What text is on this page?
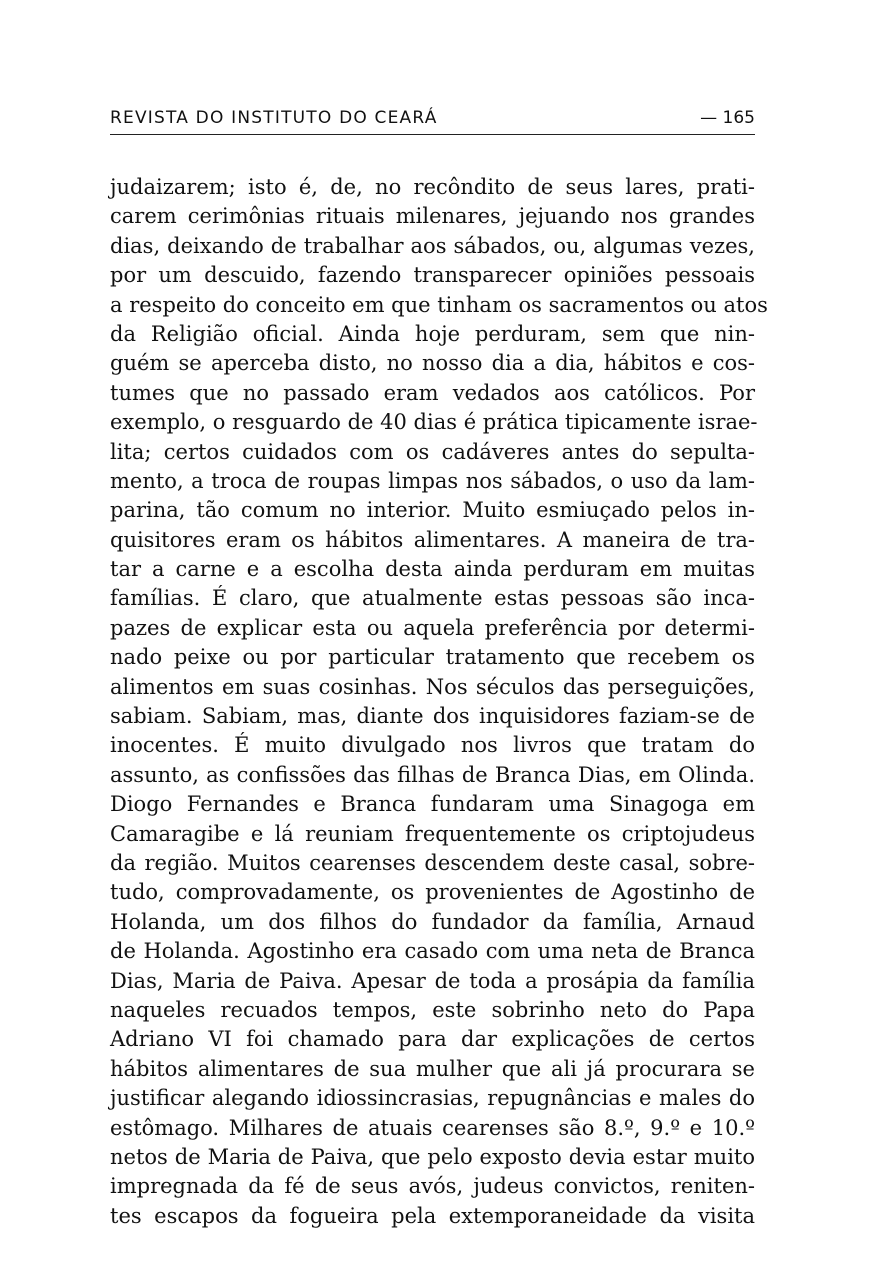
REVISTA DO INSTITUTO DO CEARÁ	— 165
judaizarem; isto é, de, no recôndito de seus lares, prati-
carem cerimônias rituais milenares, jejuando nos grandes
dias, deixando de trabalhar aos sábados, ou, algumas vezes,
por um descuido, fazendo transparecer opiniões pessoais
a respeito do conceito em que tinham os sacramentos ou atos
da Religião oficial. Ainda hoje perduram, sem que nin-
guém se aperceba disto, no nosso dia a dia, hábitos e cos-
tumes que no passado eram vedados aos católicos. Por
exemplo, o resguardo de 40 dias é prática tipicamente israe-
lita; certos cuidados com os cadáveres antes do sepulta-
mento, a troca de roupas limpas nos sábados, o uso da lam-
parina, tão comum no interior. Muito esmiuçado pelos in-
quisitores eram os hábitos alimentares. A maneira de tra-
tar a carne e a escolha desta ainda perduram em muitas
famílias. É claro, que atualmente estas pessoas são inca-
pazes de explicar esta ou aquela preferência por determi-
nado peixe ou por particular tratamento que recebem os
alimentos em suas cosinhas. Nos séculos das perseguições,
sabiam. Sabiam, mas, diante dos inquisidores faziam-se de
inocentes. É muito divulgado nos livros que tratam do
assunto, as confissões das filhas de Branca Dias, em Olinda.
Diogo Fernandes e Branca fundaram uma Sinagoga em
Camaragibe e lá reuniam frequentemente os criptojudeus
da região. Muitos cearenses descendem deste casal, sobre-
tudo, comprovadamente, os provenientes de Agostinho de
Holanda, um dos filhos do fundador da família, Arnaud
de Holanda. Agostinho era casado com uma neta de Branca
Dias, Maria de Paiva. Apesar de toda a prosápia da família
naqueles recuados tempos, este sobrinho neto do Papa
Adriano VI foi chamado para dar explicações de certos
hábitos alimentares de sua mulher que ali já procurara se
justificar alegando idiossincrasias, repugnâncias e males do
estômago. Milhares de atuais cearenses são 8.º, 9.º e 10.º
netos de Maria de Paiva, que pelo exposto devia estar muito
impregnada da fé de seus avós, judeus convictos, reniten-
tes escapos da fogueira pela extemporaneidade da visita
